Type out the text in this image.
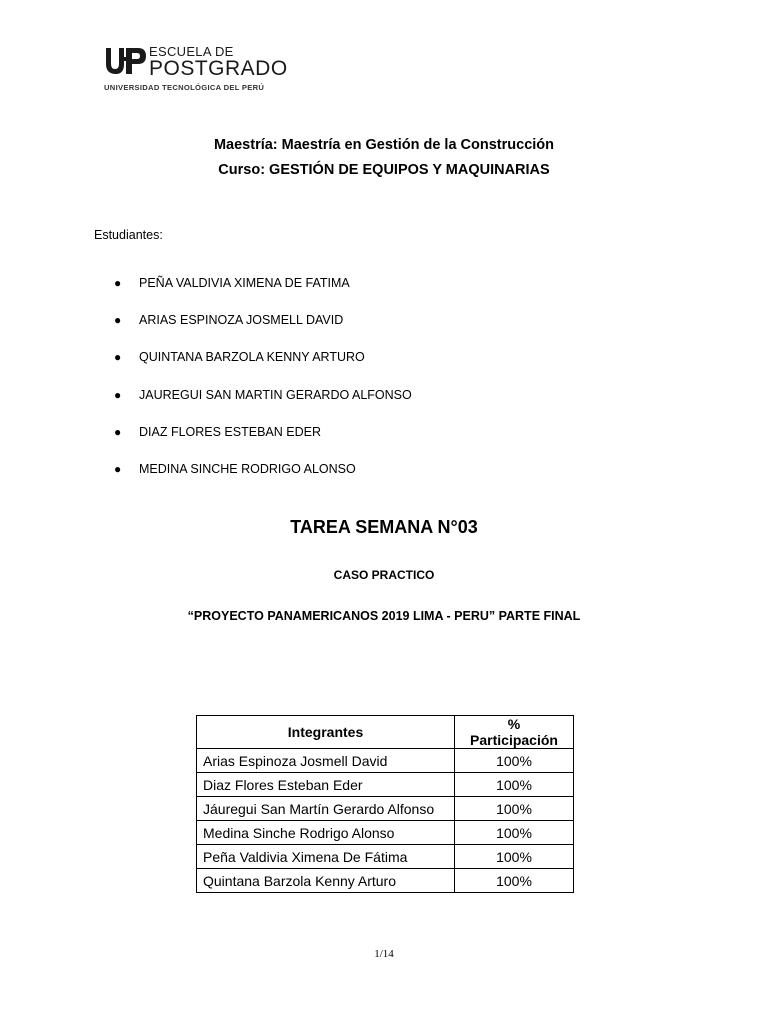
ESCUELA DE
POSTGRADO
UNIVERSIDAD TECNOLÓGICA DEL PERÚ
Maestría: Maestría en Gestión de la Construcción
Curso: GESTIÓN DE EQUIPOS Y MAQUINARIAS
Estudiantes:
● PEÑA VALDIVIA XIMENA DE FATIMA
● ARIAS ESPINOZA JOSMELL DAVID
● QUINTANA BARZOLA KENNY ARTURO
● JAUREGUI SAN MARTIN GERARDO ALFONSO
● DIAZ FLORES ESTEBAN EDER
● MEDINA SINCHE RODRIGO ALONSO
TAREA SEMANA N°03
CASO PRACTICO
“PROYECTO PANAMERICANOS 2019 LIMA - PERU” PARTE FINAL
Integrantes	%
Participación
Arias Espinoza Josmell David	100%
Diaz Flores Esteban Eder	100%
Jáuregui San Martín Gerardo Alfonso	100%
Medina Sinche Rodrigo Alonso	100%
Peña Valdivia Ximena De Fátima	100%
Quintana Barzola Kenny Arturo	100%
1/14
